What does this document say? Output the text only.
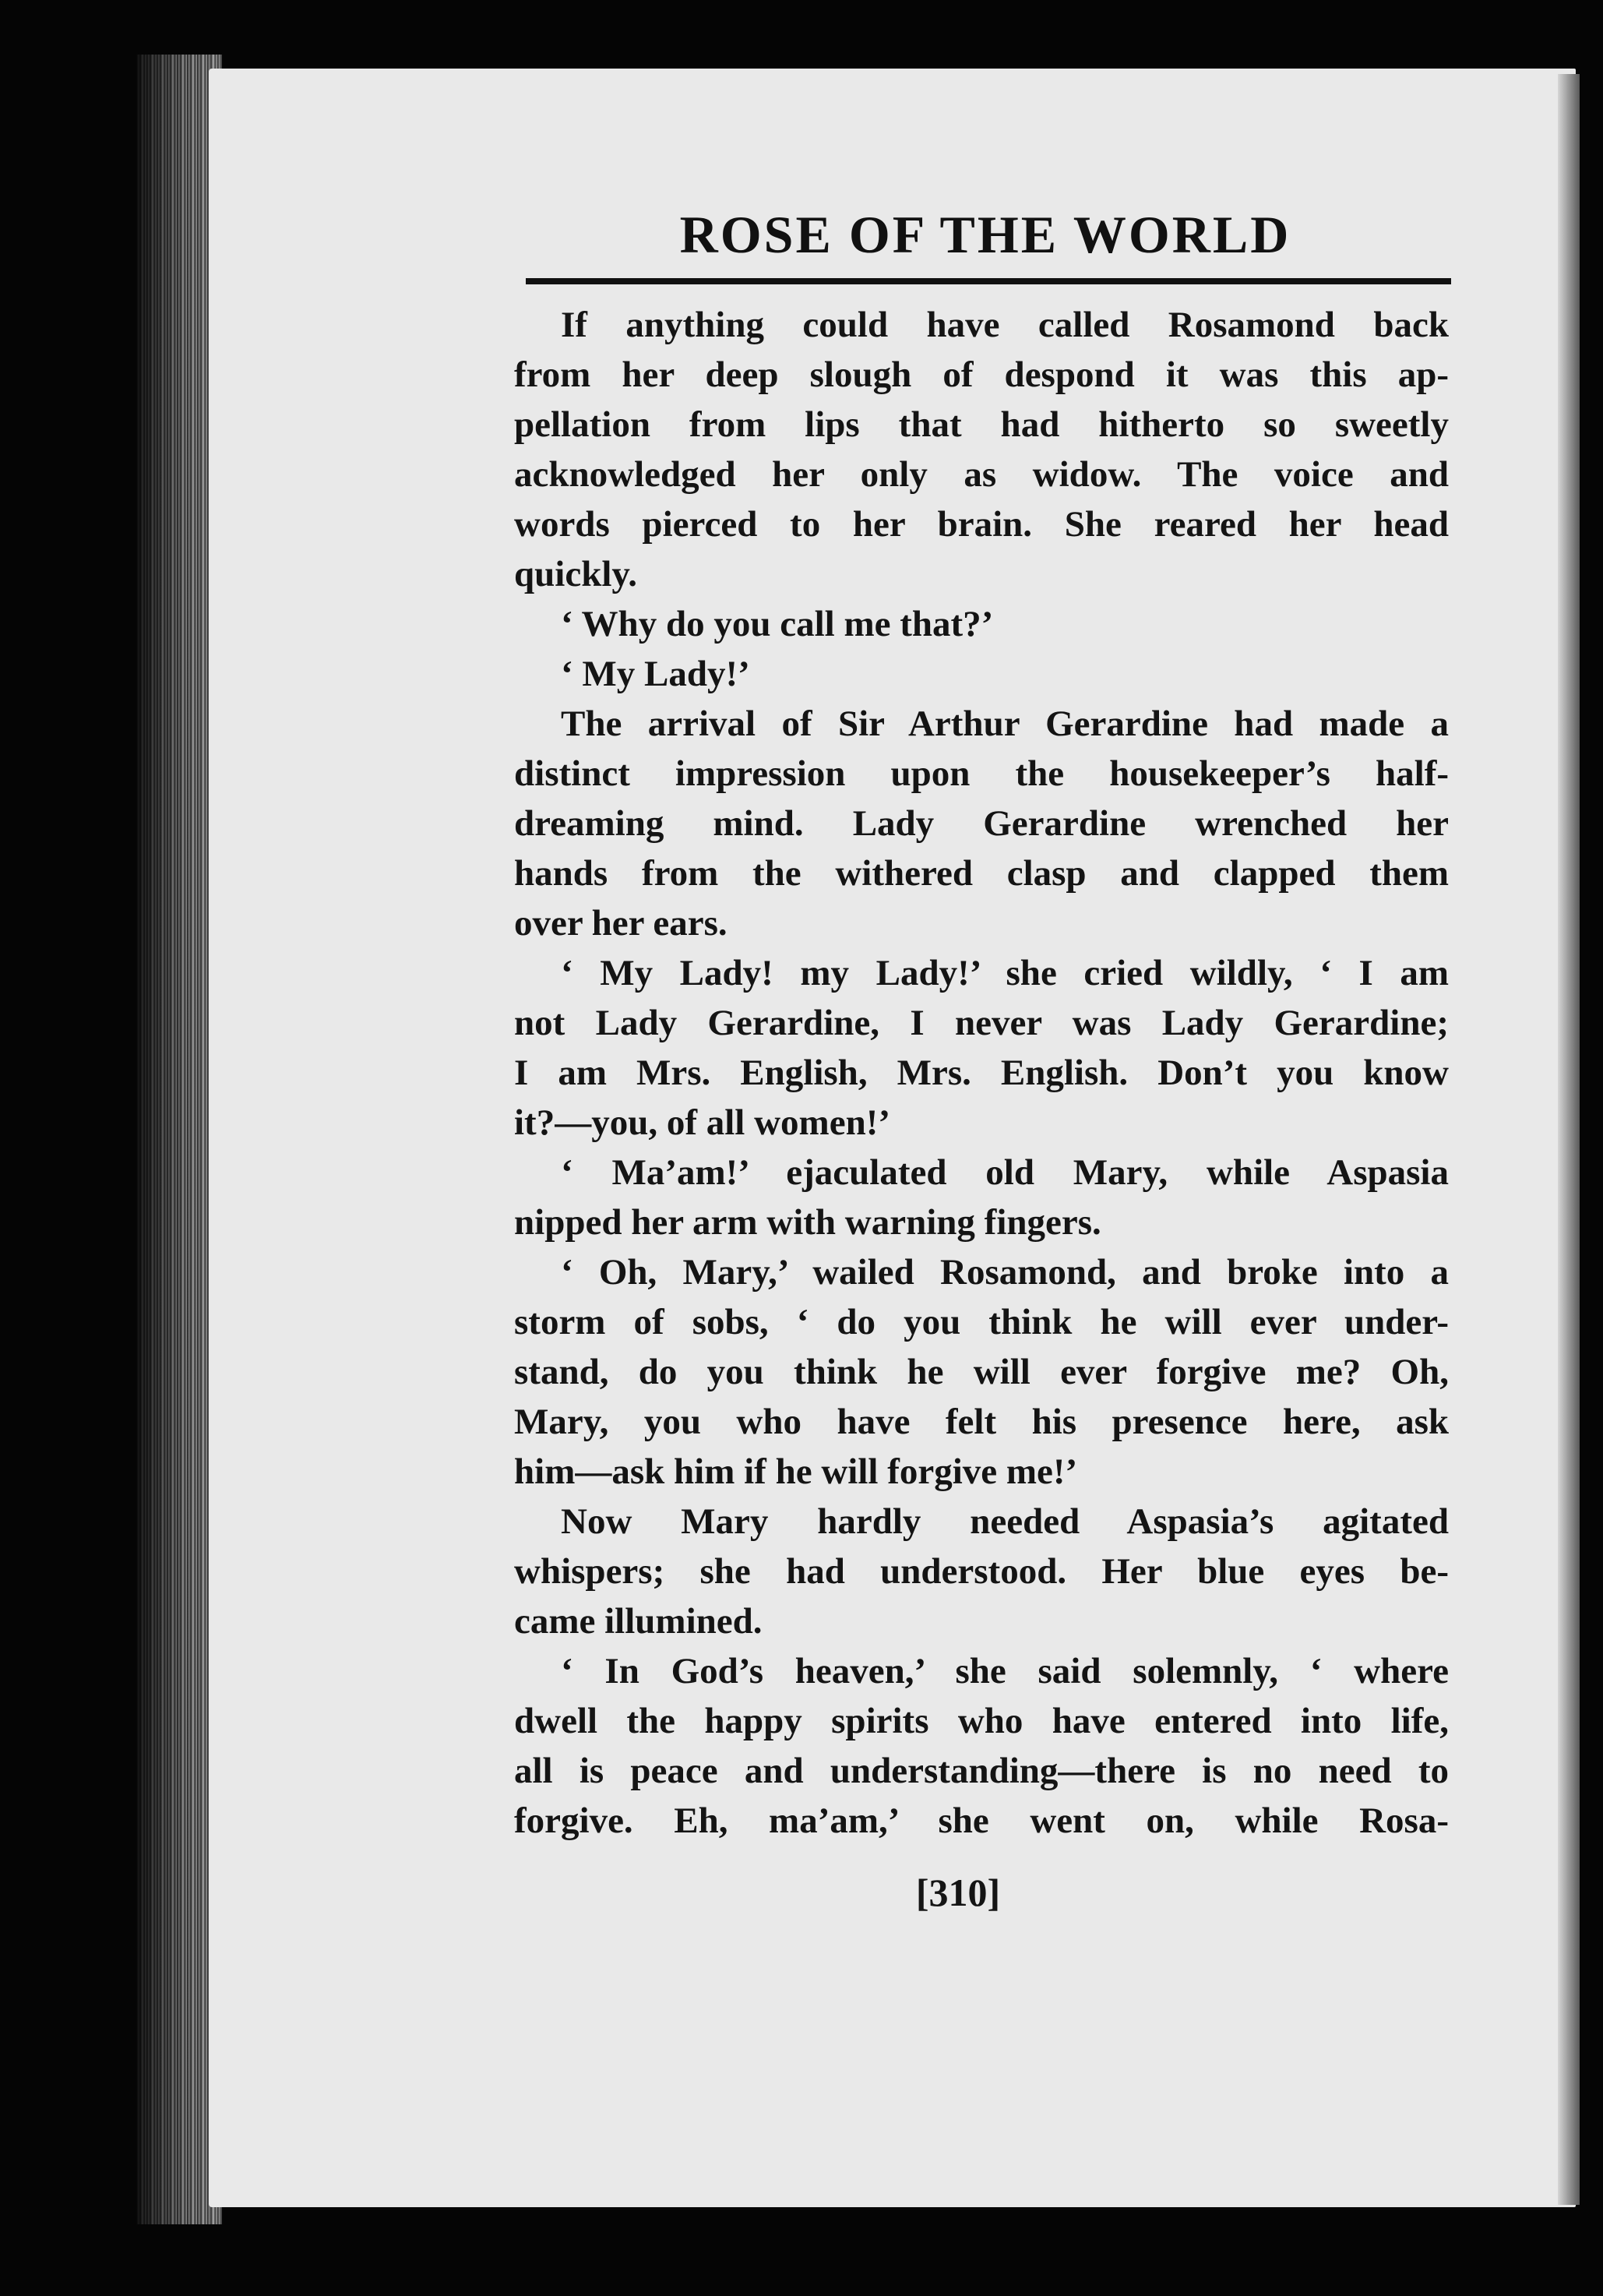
ROSE OF THE WORLD
If anything could have called Rosamond back
from her deep slough of despond it was this ap-
pellation from lips that had hitherto so sweetly
acknowledged her only as widow. The voice and
words pierced to her brain. She reared her head
quickly.
‘ Why do you call me that?’
‘ My Lady!’
The arrival of Sir Arthur Gerardine had made a
distinct impression upon the housekeeper’s half-
dreaming mind. Lady Gerardine wrenched her
hands from the withered clasp and clapped them
over her ears.
‘ My Lady! my Lady!’ she cried wildly, ‘ I am
not Lady Gerardine, I never was Lady Gerardine;
I am Mrs. English, Mrs. English. Don’t you know
it?—you, of all women!’
‘ Ma’am!’ ejaculated old Mary, while Aspasia
nipped her arm with warning fingers.
‘ Oh, Mary,’ wailed Rosamond, and broke into a
storm of sobs, ‘ do you think he will ever under-
stand, do you think he will ever forgive me? Oh,
Mary, you who have felt his presence here, ask
him—ask him if he will forgive me!’
Now Mary hardly needed Aspasia’s agitated
whispers; she had understood. Her blue eyes be-
came illumined.
‘ In God’s heaven,’ she said solemnly, ‘ where
dwell the happy spirits who have entered into life,
all is peace and understanding—there is no need to
forgive. Eh, ma’am,’ she went on, while Rosa-
[310]
